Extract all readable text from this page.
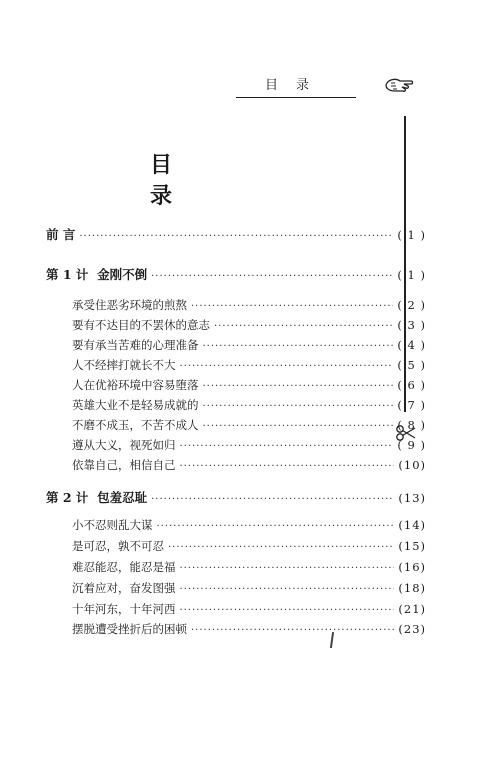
目录
目 录
前 言 ·····	( 1 )
第 1 计  金刚不倒 ·····	( 1 )
承受住恶劣环境的煎熬 ·····	( 2 )
要有不达目的不罢休的意志 ·····	( 3 )
要有承当苦难的心理准备 ·····	( 4 )
人不经摔打就长不大 ·····	( 5 )
人在优裕环境中容易堕落 ·····	( 6 )
英雄大业不是轻易成就的 ·····	( 7 )
不磨不成玉，不苦不成人 ·····	( 8 )
遵从大义，视死如归 ·····	( 9 )
依靠自己，相信自己 ·····	(10)
第 2 计  包羞忍耻 ·····	(13)
小不忍则乱大谋 ·····	(14)
是可忍，孰不可忍 ·····	(15)
难忍能忍，能忍是福 ·····	(16)
沉着应对，奋发图强 ·····	(18)
十年河东，十年河西 ·····	(21)
摆脱遭受挫折后的困顿 ·····	(23)
